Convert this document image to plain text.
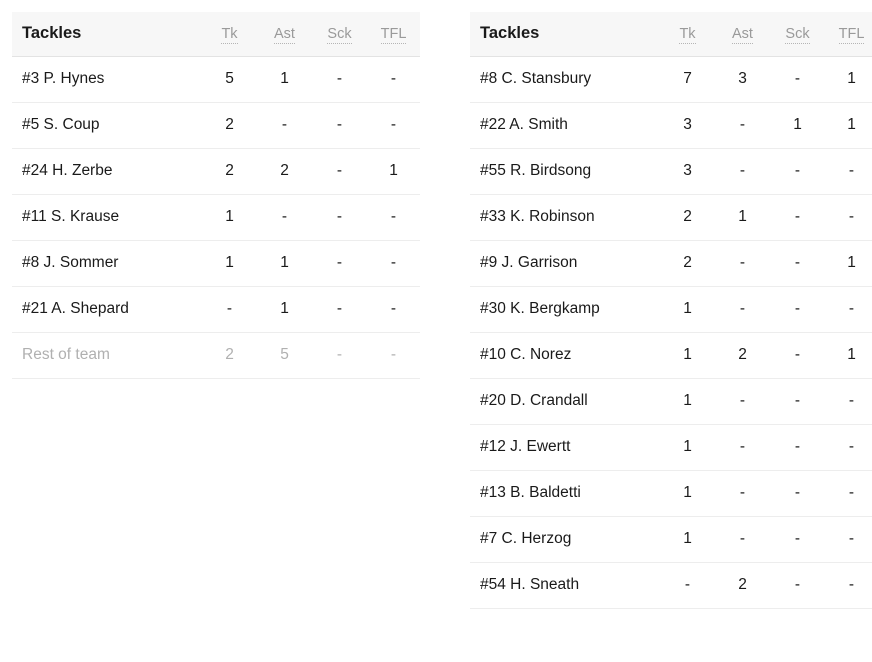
Tackles	Tk	Ast	Sck	TFL
#3 P. Hynes	5	1	-	-
#5 S. Coup	2	-	-	-
#24 H. Zerbe	2	2	-	1
#11 S. Krause	1	-	-	-
#8 J. Sommer	1	1	-	-
#21 A. Shepard	-	1	-	-
Rest of team	2	5	-	-
Tackles	Tk	Ast	Sck	TFL
#8 C. Stansbury	7	3	-	1
#22 A. Smith	3	-	1	1
#55 R. Birdsong	3	-	-	-
#33 K. Robinson	2	1	-	-
#9 J. Garrison	2	-	-	1
#30 K. Bergkamp	1	-	-	-
#10 C. Norez	1	2	-	1
#20 D. Crandall	1	-	-	-
#12 J. Ewertt	1	-	-	-
#13 B. Baldetti	1	-	-	-
#7 C. Herzog	1	-	-	-
#54 H. Sneath	-	2	-	-
